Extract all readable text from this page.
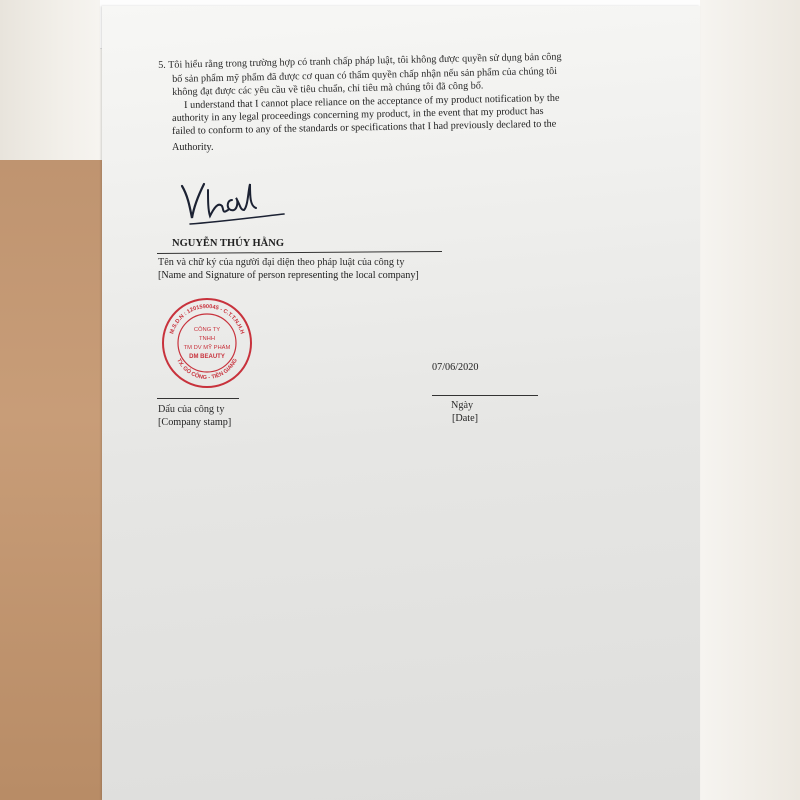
5. Tôi hiểu rằng trong trường hợp có tranh chấp pháp luật, tôi không được quyền sử dụng bản công
bố sản phẩm mỹ phẩm đã được cơ quan có thẩm quyền chấp nhận nếu sản phẩm của chúng tôi
không đạt được các yêu cầu về tiêu chuẩn, chỉ tiêu mà chúng tôi đã công bố.
I understand that I cannot place reliance on the acceptance of my product notification by the
authority in any legal proceedings concerning my product, in the event that my product has
failed to conform to any of the standards or specifications that I had previously declared to the
Authority.
NGUYỄN THÚY HẰNG
Tên và chữ ký của người đại diện theo pháp luật của công ty
[Name and Signature of person representing the local company]
M.S.D.N : 1201590045 - C.T.T.N.H.H
TX. GÒ CÔNG - TIỀN GIANG
CÔNG TY
TNHH
TM DV MỸ PHẨM
DM BEAUTY
07/06/2020
Dấu của công ty
[Company stamp]
Ngày
[Date]
